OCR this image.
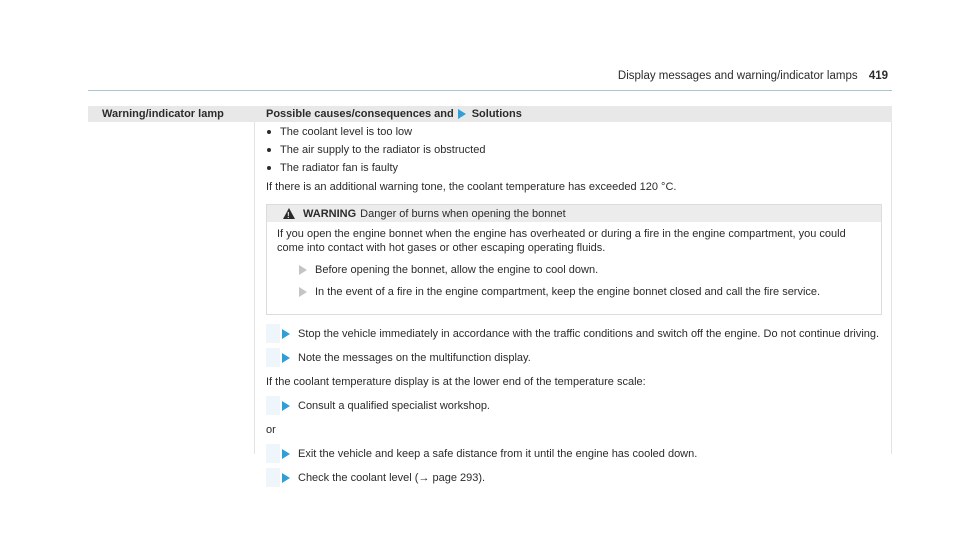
Display messages and warning/indicator lamps 419
Warning/indicator lamp	Possible causes/consequences and Solutions
The coolant level is too low
The air supply to the radiator is obstructed
The radiator fan is faulty
If there is an additional warning tone, the coolant temperature has exceeded 120 °C.
!
WARNING Danger of burns when opening the bonnet
If you open the engine bonnet when the engine has overheated or during a fire in the engine compartment, you could come into contact with hot gases or other escaping operating fluids.
Before opening the bonnet, allow the engine to cool down.
In the event of a fire in the engine compartment, keep the engine bonnet closed and call the fire service.
Stop the vehicle immediately in accordance with the traffic conditions and switch off the engine. Do not continue driving.
Note the messages on the multifunction display.
If the coolant temperature display is at the lower end of the temperature scale:
Consult a qualified specialist workshop.
or
Exit the vehicle and keep a safe distance from it until the engine has cooled down.
Check the coolant level (→ page 293).
